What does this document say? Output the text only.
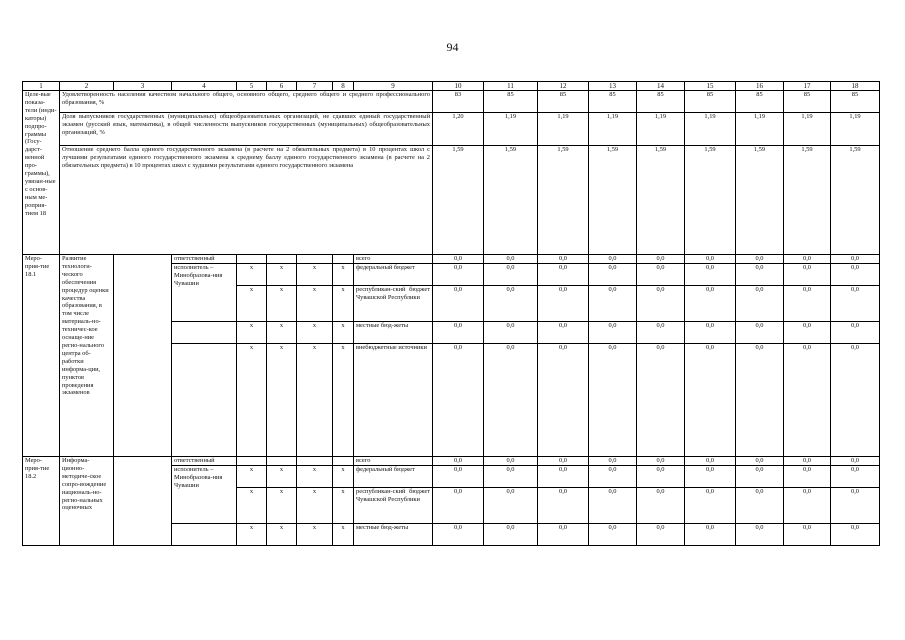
94
1	2	3	4	5	6	7	8	9	10	11	12	13	14	15	16	17	18
Целе-вые показа-тели (инди-каторы) подпро-граммы (Госу-дарст-венной про-граммы), увязан-ные с основ-ным ме-роприя-тием 18	Удовлетворенность населения качеством начального общего, основного общего, среднего общего и среднего профессионального образования, %								83	85	85	85	85	85	85	85	85
	Доля выпускников государственных (муниципальных) общеобразовательных организаций, не сдавших единый государственный экзамен (русский язык, математика), в общей численности выпускников государственных (муниципальных) общеобразовательных организаций, %								1,20	1,19	1,19	1,19	1,19	1,19	1,19	1,19	1,19
	Отношение среднего балла единого государственного экзамена (в расчете на 2 обязательных предмета) в 10 процентах школ с лучшими результатами единого государственного экзамена к среднему баллу единого государственного экзамена (в расчете на 2 обязательных предмета) в 10 процентах школ с худшими результатами единого государственного экзамена								1,59	1,59	1,59	1,59	1,59	1,59	1,59	1,59	1,59
Меро-прия-тие 18.1	Развитие технологи-ческого обеспечения процедур оценки качества образования, в том числе материаль-но-техничес-кое оснаще-ние регио-нального центра об-работки информа-ции, пунктов проведения экзаменов		ответственный					всего	0,0	0,0	0,0	0,0	0,0	0,0	0,0	0,0	0,0
			исполнитель – Минобразова-ния Чувашии	x	x	x	x	федеральный бюджет	0,0	0,0	0,0	0,0	0,0	0,0	0,0	0,0	0,0
				x	x	x	x	республикан-ский бюджет Чувашской Республики	0,0	0,0	0,0	0,0	0,0	0,0	0,0	0,0	0,0
				x	x	x	x	местные бюд-жеты	0,0	0,0	0,0	0,0	0,0	0,0	0,0	0,0	0,0
				x	x	x	x	внебюджетные источники	0,0	0,0	0,0	0,0	0,0	0,0	0,0	0,0	0,0
Меро-прия-тие 18.2	Информа-ционно-методиче-ское сопро-вождение националь-но-регио-нальных оценочных		ответственный					всего	0,0	0,0	0,0	0,0	0,0	0,0	0,0	0,0	0,0
			исполнитель – Минобразова-ния Чувашии	x	x	x	x	федеральный бюджет	0,0	0,0	0,0	0,0	0,0	0,0	0,0	0,0	0,0
				x	x	x	x	республикан-ский бюджет Чувашской Республики	0,0	0,0	0,0	0,0	0,0	0,0	0,0	0,0	0,0
				x	x	x	x	местные бюд-жеты	0,0	0,0	0,0	0,0	0,0	0,0	0,0	0,0	0,0
